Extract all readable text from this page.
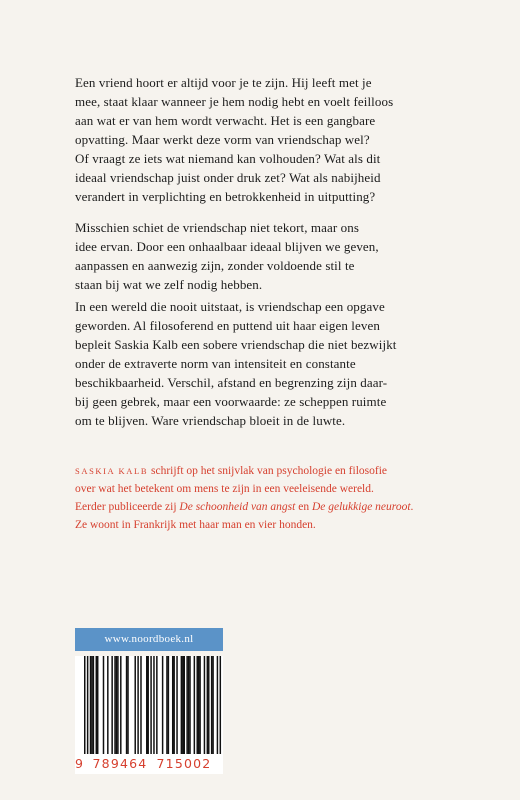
Een vriend hoort er altijd voor je te zijn. Hij leeft met je
mee, staat klaar wanneer je hem nodig hebt en voelt feilloos
aan wat er van hem wordt verwacht. Het is een gangbare
opvatting. Maar werkt deze vorm van vriendschap wel?
Of vraagt ze iets wat niemand kan volhouden? Wat als dit
ideaal vriendschap juist onder druk zet? Wat als nabijheid
verandert in verplichting en betrokkenheid in uitputting?
Misschien schiet de vriendschap niet tekort, maar ons
idee ervan. Door een onhaalbaar ideaal blijven we geven,
aanpassen en aanwezig zijn, zonder voldoende stil te
staan bij wat we zelf nodig hebben.
In een wereld die nooit uitstaat, is vriendschap een opgave
geworden. Al filosoferend en puttend uit haar eigen leven
bepleit Saskia Kalb een sobere vriendschap die niet bezwijkt
onder de extraverte norm van intensiteit en constante
beschikbaarheid. Verschil, afstand en begrenzing zijn daar-
bij geen gebrek, maar een voorwaarde: ze scheppen ruimte
om te blijven. Ware vriendschap bloeit in de luwte.
SASKIA KALB schrijft op het snijvlak van psychologie en filosofie
over wat het betekent om mens te zijn in een veeleisende wereld.
Eerder publiceerde zij De schoonheid van angst en De gelukkige neuroot.
Ze woont in Frankrijk met haar man en vier honden.
www.noordboek.nl
9 789464 715002
